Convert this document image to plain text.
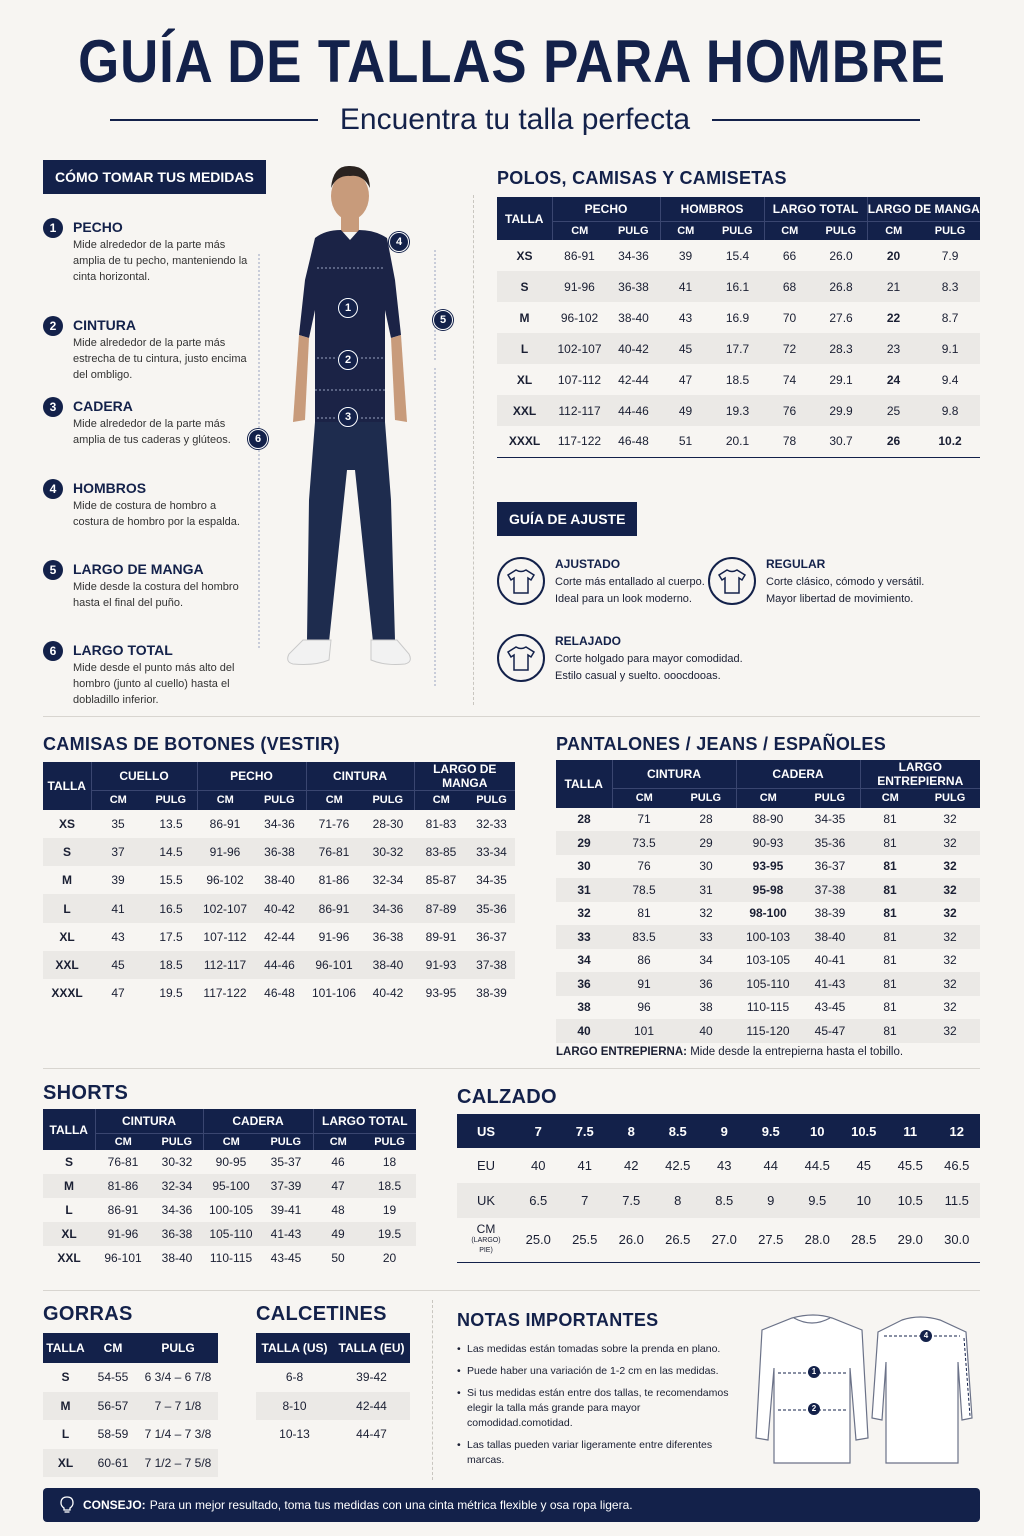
GUÍA DE TALLAS PARA HOMBRE
Encuentra tu talla perfecta
CÓMO TOMAR TUS MEDIDAS
1	PECHO
Mide alrededor de la parte más amplia de tu pecho, manteniendo la cinta horizontal.
2	CINTURA
Mide alrededor de la parte más estrecha de tu cintura, justo encima del ombligo.
3	CADERA
Mide alrededor de la parte más amplia de tus caderas y glúteos.
4	HOMBROS
Mide de costura de hombro a costura de hombro por la espalda.
5	LARGO DE MANGA
Mide desde la costura del hombro hasta el final del puño.
6	LARGO TOTAL
Mide desde el punto más alto del hombro (junto al cuello) hasta el dobladillo inferior.
1
2
3
4
5
6
POLOS, CAMISAS Y CAMISETAS
TALLA	PECHO		HOMBROS		LARGO TOTAL		LARGO DE MANGA	
	CM	PULG	CM	PULG	CM	PULG	CM	PULG
XS	86-91	34-36	39	15.4	66	26.0	20	7.9
S	91-96	36-38	41	16.1	68	26.8	21	8.3
M	96-102	38-40	43	16.9	70	27.6	22	8.7
L	102-107	40-42	45	17.7	72	28.3	23	9.1
XL	107-112	42-44	47	18.5	74	29.1	24	9.4
XXL	112-117	44-46	49	19.3	76	29.9	25	9.8
XXXL	117-122	46-48	51	20.1	78	30.7	26	10.2
GUÍA DE AJUSTE
AJUSTADO
Corte más entallado al cuerpo.
Ideal para un look moderno.
REGULAR
Corte clásico, cómodo y versátil.
Mayor libertad de movimiento.
RELAJADO
Corte holgado para mayor comodidad.
Estilo casual y suelto. ooocdooas.
CAMISAS DE BOTONES (VESTIR)
TALLA	CUELLO		PECHO		CINTURA		LARGO DE MANGA	
	CM	PULG	CM	PULG	CM	PULG	CM	PULG
XS	35	13.5	86-91	34-36	71-76	28-30	81-83	32-33
S	37	14.5	91-96	36-38	76-81	30-32	83-85	33-34
M	39	15.5	96-102	38-40	81-86	32-34	85-87	34-35
L	41	16.5	102-107	40-42	86-91	34-36	87-89	35-36
XL	43	17.5	107-112	42-44	91-96	36-38	89-91	36-37
XXL	45	18.5	112-117	44-46	96-101	38-40	91-93	37-38
XXXL	47	19.5	117-122	46-48	101-106	40-42	93-95	38-39
PANTALONES / JEANS / ESPAÑOLES
TALLA	CINTURA		CADERA		LARGO ENTREPIERNA	
	CM	PULG	CM	PULG	CM	PULG
28	71	28	88-90	34-35	81	32
29	73.5	29	90-93	35-36	81	32
30	76	30	93-95	36-37	81	32
31	78.5	31	95-98	37-38	81	32
32	81	32	98-100	38-39	81	32
33	83.5	33	100-103	38-40	81	32
34	86	34	103-105	40-41	81	32
36	91	36	105-110	41-43	81	32
38	96	38	110-115	43-45	81	32
40	101	40	115-120	45-47	81	32
LARGO ENTREPIERNA: Mide desde la entrepierna hasta el tobillo.
SHORTS
TALLA	CINTURA		CADERA		LARGO TOTAL	
	CM	PULG	CM	PULG	CM	PULG
S	76-81	30-32	90-95	35-37	46	18
M	81-86	32-34	95-100	37-39	47	18.5
L	86-91	34-36	100-105	39-41	48	19
XL	91-96	36-38	105-110	41-43	49	19.5
XXL	96-101	38-40	110-115	43-45	50	20
CALZADO
US	7	7.5	8	8.5	9	9.5	10	10.5	11	12
EU	40	41	42	42.5	43	44	44.5	45	45.5	46.5
UK	6.5	7	7.5	8	8.5	9	9.5	10	10.5	11.5

CM
(LARGO)
PIE)	25.0	25.5	26.0	26.5	27.0	27.5	28.0	28.5	29.0	30.0
GORRAS
TALLA	CM	PULG
S	54-55	6 3/4 – 6 7/8
M	56-57	7 – 7 1/8
L	58-59	7 1/4 – 7 3/8
XL	60-61	7 1/2 – 7 5/8
CALCETINES
TALLA (US)	TALLA (EU)
6-8	39-42
8-10	42-44
10-13	44-47
NOTAS IMPORTANTES
• Las medidas están tomadas sobre la prenda en plano.
• Puede haber una variación de 1-2 cm en las medidas.
• Si tus medidas están entre dos tallas, te recomendamos elegir la talla más grande para mayor comodidad.comotidad.
• Las tallas pueden variar ligeramente entre diferentes marcas.
1
2
4
CONSEJO: Para un mejor resultado, toma tus medidas con una cinta métrica flexible y osa ropa ligera.
